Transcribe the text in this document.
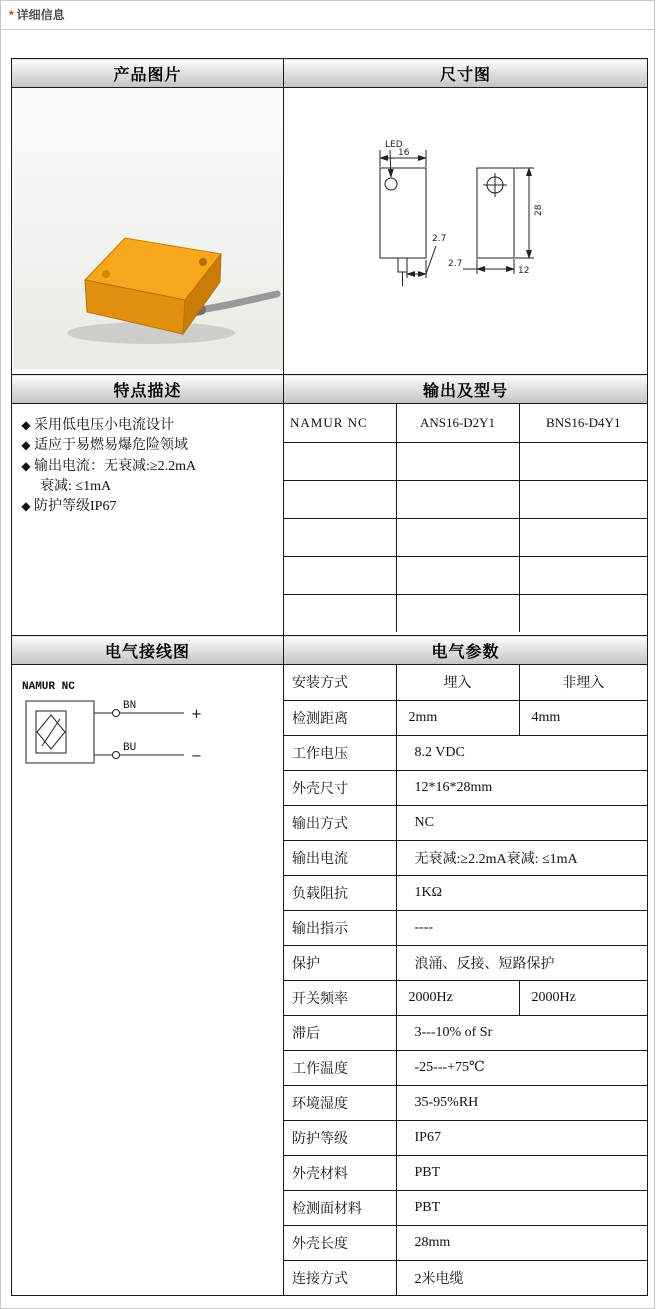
* 详细信息
产品图片	尺寸图

LED
16
2.7
28
12
2.7

特点描述	输出及型号

◆ 采用低电压小电流设计
◆ 适应于易燃易爆危险领域
◆ 输出电流：无衰减:≥2.2mA
衰减: ≤1mA
◆ 防护等级IP67

NAMUR NC	ANS16-D2Y1	BNS16-D4Y1

电气接线图	电气参数

NAMUR NC
BN
BU
+
−

安装方式	埋入	非埋入
检测距离	2mm	4mm
工作电压	8.2 VDC
外壳尺寸	12*16*28mm
输出方式	NC
输出电流	无衰减:≥2.2mA衰减: ≤1mA
负载阻抗	1KΩ
输出指示	----
保护	浪涌、反接、短路保护
开关频率	2000Hz	2000Hz
滞后	3---10% of Sr
工作温度	-25---+75℃
环境湿度	35-95%RH
防护等级	IP67
外壳材料	PBT
检测面材料	PBT
外壳长度	28mm
连接方式	2米电缆
